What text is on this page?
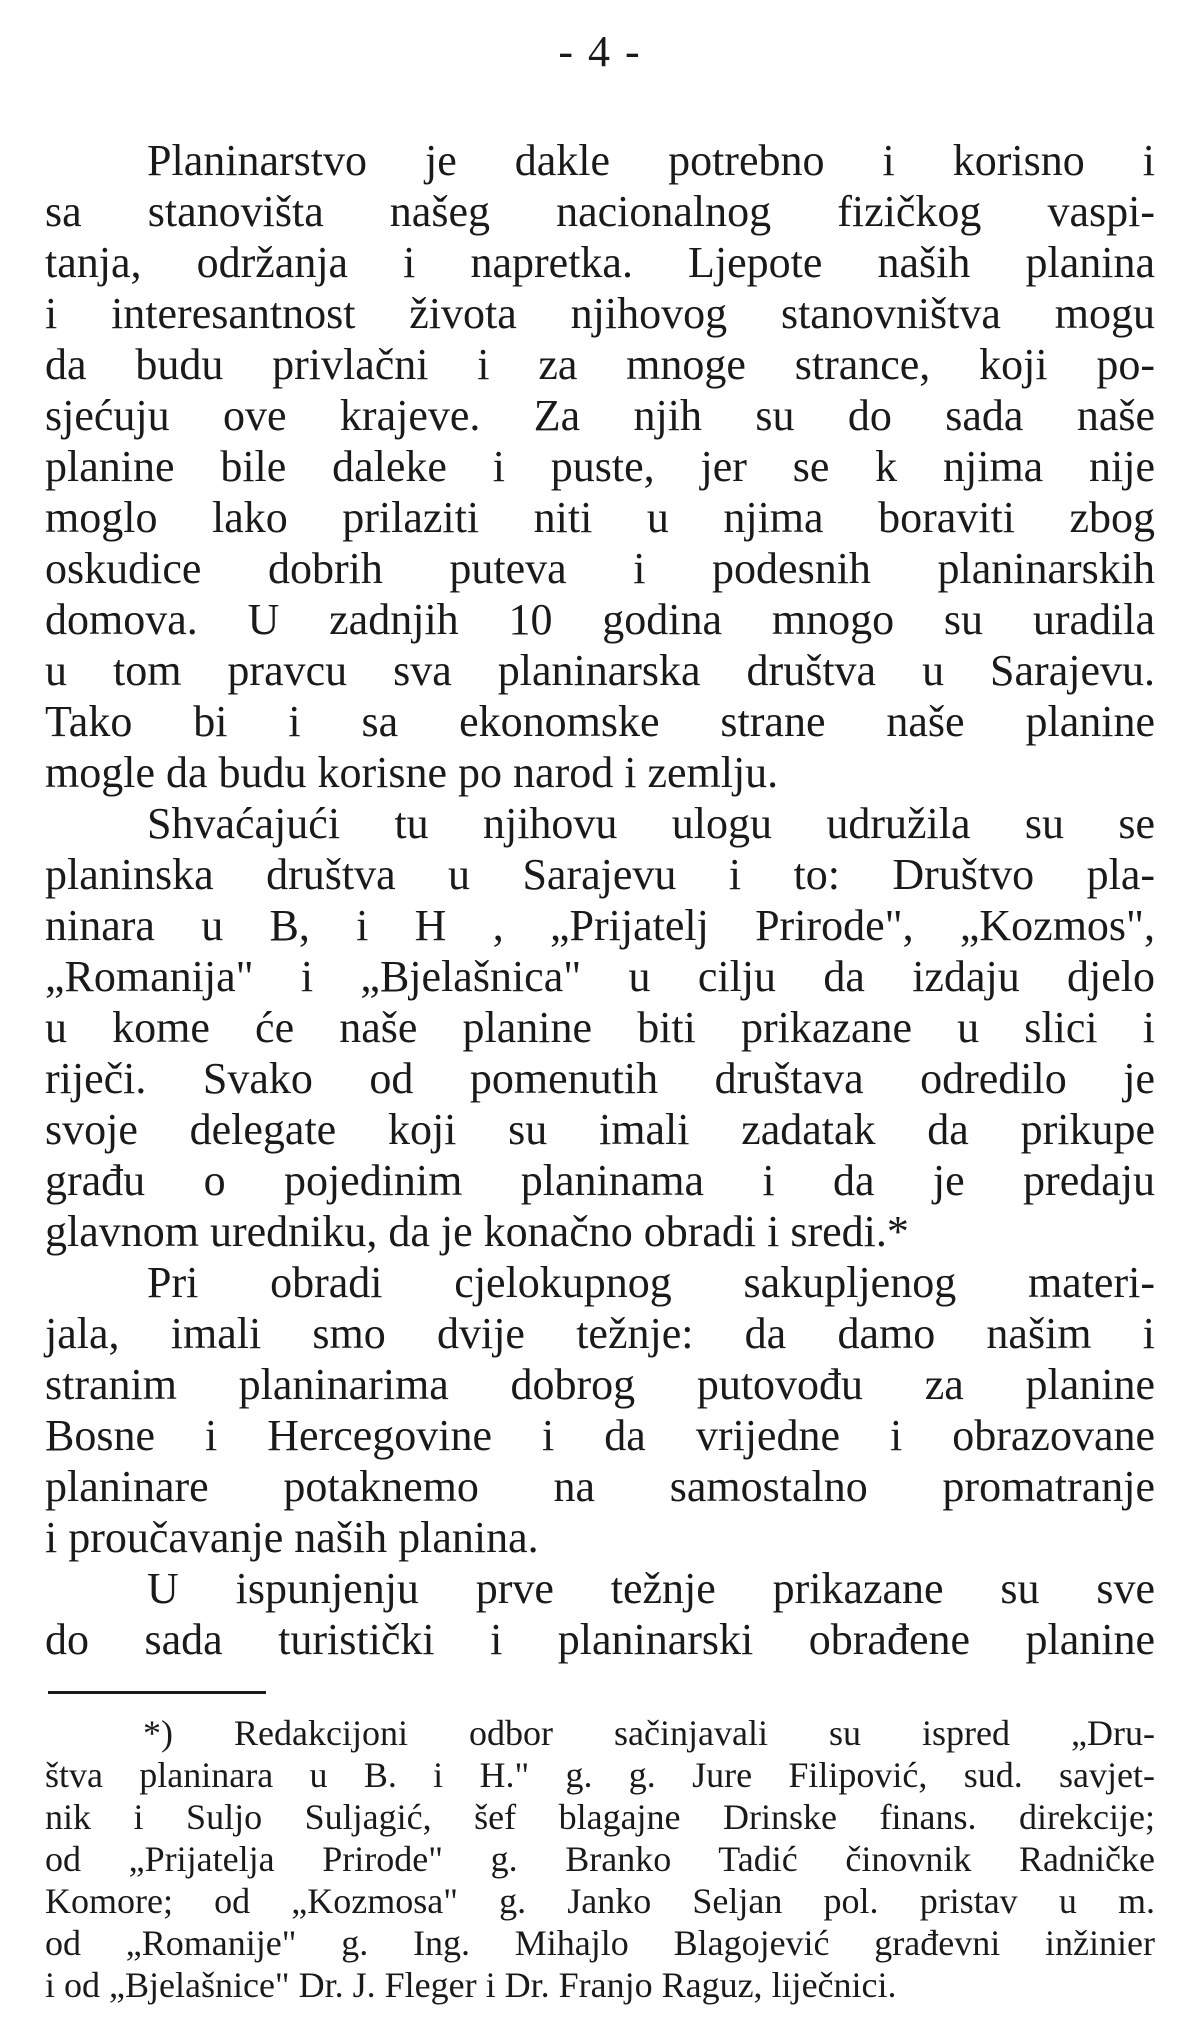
- 4 -
Planinarstvo je dakle potrebno i korisno i
sa stanovišta našeg nacionalnog fizičkog vaspi-
tanja, održanja i napretka. Ljepote naših planina
i interesantnost života njihovog stanovništva mogu
da budu privlačni i za mnoge strance, koji po-
sjećuju ove krajeve. Za njih su do sada naše
planine bile daleke i puste, jer se k njima nije
moglo lako prilaziti niti u njima boraviti zbog
oskudice dobrih puteva i podesnih planinarskih
domova. U zadnjih 10 godina mnogo su uradila
u tom pravcu sva planinarska društva u Sarajevu.
Tako bi i sa ekonomske strane naše planine
mogle da budu korisne po narod i zemlju.
Shvaćajući tu njihovu ulogu udružila su se
planinska društva u Sarajevu i to: Društvo pla-
ninara u B, i H , „Prijatelj Prirode", „Kozmos",
„Romanija" i „Bjelašnica" u cilju da izdaju djelo
u kome će naše planine biti prikazane u slici i
riječi. Svako od pomenutih društava odredilo je
svoje delegate koji su imali zadatak da prikupe
građu o pojedinim planinama i da je predaju
glavnom uredniku, da je konačno obradi i sredi.*
Pri obradi cjelokupnog sakupljenog materi-
jala, imali smo dvije težnje: da damo našim i
stranim planinarima dobrog putovođu za planine
Bosne i Hercegovine i da vrijedne i obrazovane
planinare potaknemo na samostalno promatranje
i proučavanje naših planina.
U ispunjenju prve težnje prikazane su sve
do sada turistički i planinarski obrađene planine
*) Redakcijoni odbor sačinjavali su ispred „Dru-
štva planinara u B. i H." g. g. Jure Filipović, sud. savjet-
nik i Suljo Suljagić, šef blagajne Drinske finans. direkcije;
od „Prijatelja Prirode" g. Branko Tadić činovnik Radničke
Komore; od „Kozmosa" g. Janko Seljan pol. pristav u m.
od „Romanije" g. Ing. Mihajlo Blagojević građevni inžinier
i od „Bjelašnice" Dr. J. Fleger i Dr. Franjo Raguz, liječnici.
